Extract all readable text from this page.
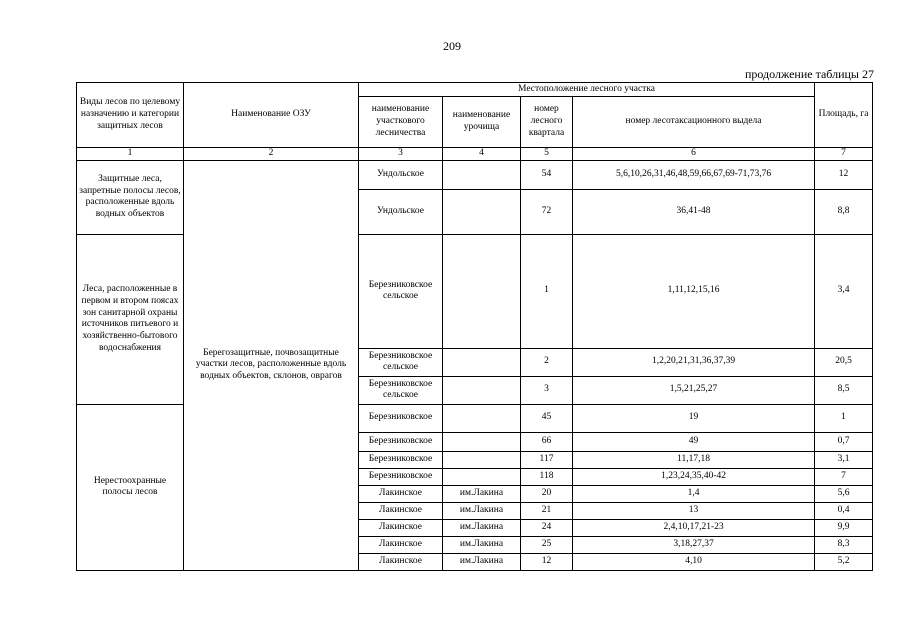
209
продолжение таблицы 27
Виды лесов по целевому назначению и категории защитных лесов	Наименование ОЗУ	Местоположение лесного участка				Площадь, га
		наименование участкового лесничества	наименование урочища	номер лесного квартала	номер лесотаксационного выдела	
1	2	3	4	5	6	7
Защитные леса, запретные полосы лесов, расположенные вдоль водных объектов	Берегозащитные, почвозащитные участки лесов, расположенные вдоль водных объектов, склонов, оврагов	Ундольское		54	5,6,10,26,31,46,48,59,66,67,69-71,73,76	12
		Ундольское		72	36,41-48	8,8
Леса, расположенные в первом и втором поясах зон санитарной охраны источников питьевого и хозяйственно-бытового водоснабжения		Березниковское сельское		1	1,11,12,15,16	3,4
		Березниковское сельское		2	1,2,20,21,31,36,37,39	20,5
		Березниковское сельское		3	1,5,21,25,27	8,5
Нерестоохранные полосы лесов		Березниковское		45	19	1
		Березниковское		66	49	0,7
		Березниковское		117	11,17,18	3,1
		Березниковское		118	1,23,24,35,40-42	7
		Лакинское	им.Лакина	20	1,4	5,6
		Лакинское	им.Лакина	21	13	0,4
		Лакинское	им.Лакина	24	2,4,10,17,21-23	9,9
		Лакинское	им.Лакина	25	3,18,27,37	8,3
		Лакинское	им.Лакина	12	4,10	5,2
